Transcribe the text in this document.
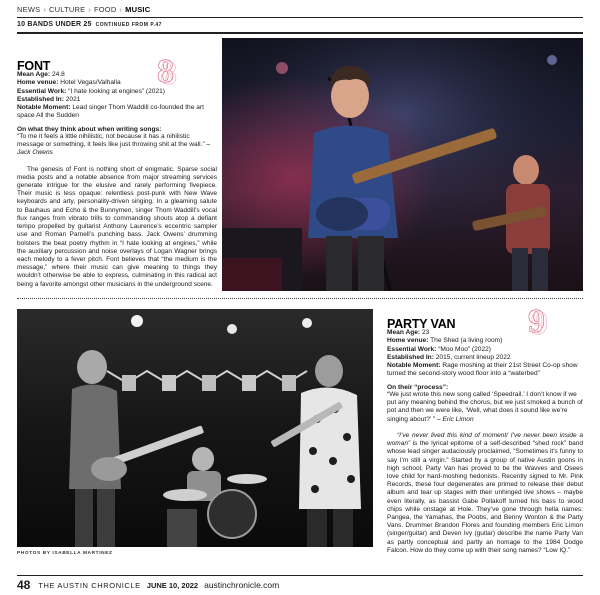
NEWS › CULTURE › FOOD › MUSIC
10 BANDS UNDER 25 CONTINUED FROM P.47
FONT
Mean Age: 24.8
Home venue: Hotel Vegas/Valhalla
Essential Work: “I hate looking at engines” (2021)
Established In: 2021
Notable Moment: Lead singer Thom Waddill co-founded the art space All the Sudden
On what they think about when writing songs:
“To me it feels a little nihilistic, not because it has a nihilistic message or something, it feels like just throwing shit at the wall.” – Jack Owens

The genesis of Font is nothing short of enigmatic. Sparse social media posts and a notable absence from major streaming services generate intrigue for the elusive and rarely performing fivepiece. Their music is less opaque: relentless post-punk with New Wave keyboards and arty, personality-driven singing. In a gleaming salute to Bauhaus and Echo & the Bunnymen, singer Thom Waddill’s vocal flux ranges from vibrato trills to commanding shouts atop a defiant tempo propelled by guitarist Anthony Laurence’s eccentric sampler use and Roman Parnell’s punching bass. Jack Owens’ drumming bolsters the beat poetry rhythm in “I hate looking at engines,” while the auxiliary percussion and noise overlays of Logan Wagner brings each melody to a fever pitch. Font believes that “the medium is the message,” where their music can give meaning to things they wouldn’t otherwise be able to express, culminating in this radical act being a favorite amongst other musicians in the underground scene.

8 8
PHOTOS BY ISABELLA MARTINEZ
PARTY VAN
Mean Age: 23
Home venue: The Shed (a living room)
Essential Work: “Moo Moo” (2022)
Established In: 2015, current lineup 2022
Notable Moment: Rage moshing at their 21st Street Co-op show turned the second-story wood floor into a “waterbed”
On their “process”:
“We just wrote this new song called ‘Speedrail.’ I don’t know if we put any meaning behind the chorus, but we just smoked a bunch of pot and then we were like, ‘Well, what does it sound like we’re singing about?’ ” – Eric Limon

“I’ve never lived this kind of moment/ I’ve never been inside a woman” is the lyrical epitome of a self-described “shed rock” band whose lead singer audaciously proclaimed, “Sometimes it’s funny to say I’m still a virgin.” Started by a group of native Austin goons in high school, Party Van has proved to be the Wavves and Osees love child for hard-moshing hedonists. Recently signed to Mr. Pink Records, these four degenerates are primed to release their debut album and tear up stages with their unhinged live shows – maybe even literally, as bassist Gabe Pollakoff turned his bass to wood chips while onstage at Hole. They’ve gone through hella names: Pangea, the Yamahas, the Poobs, and Benny Wonton & the Party Vans. Drummer Brandon Flores and founding members Eric Limon (singer/guitar) and Deven Ivy (guitar) describe the name Party Van as partly conceptual and partly an homage to the 1984 Dodge Falcon. How do they come up with their song names? “Low IQ.”

9 9
48 THE AUSTIN CHRONICLE JUNE 10, 2022 austinchronicle.com
